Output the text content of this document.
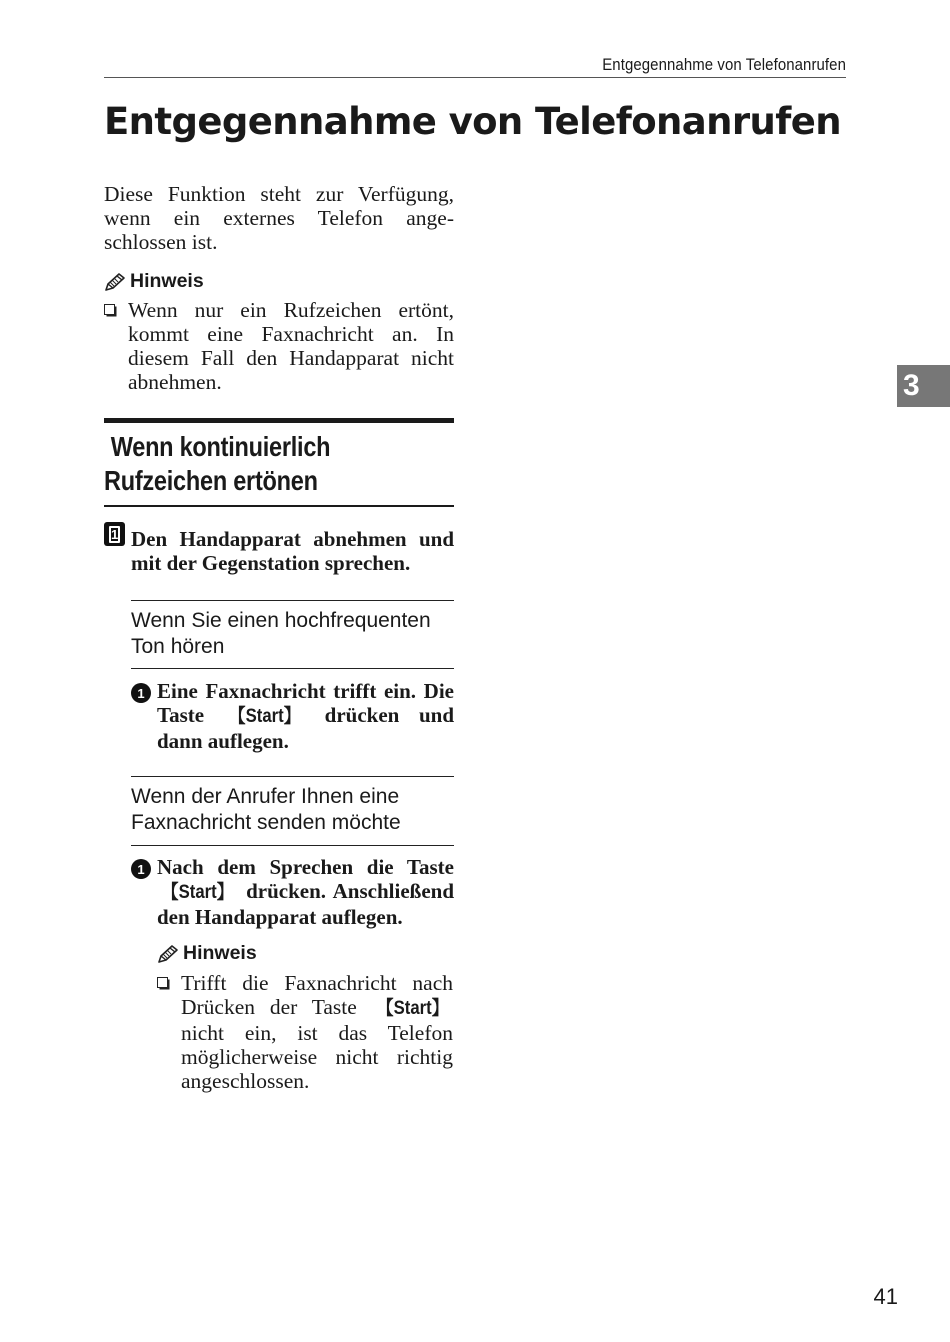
Entgegennahme von Telefonanrufen
Entgegennahme von Telefonanrufen
Diese Funktion steht zur Verfügung, wenn ein externes Telefon angeschlossen ist.
Hinweis
Wenn nur ein Rufzeichen ertönt, kommt eine Faxnachricht an. In diesem Fall den Handapparat nicht abnehmen.
Wenn kontinuierlich
Rufzeichen ertönen
1 Den Handapparat abnehmen und mit der Gegenstation sprechen.
Wenn Sie einen hochfrequenten Ton hören
1 Eine Faxnachricht trifft ein. Die Taste 【Start】 drücken und dann auflegen.
Wenn der Anrufer Ihnen eine Faxnachricht senden möchte
1 Nach dem Sprechen die Taste 【Start】 drücken. Anschließend den Handapparat auflegen.
Hinweis
Trifft die Faxnachricht nach Drücken der Taste 【Start】 nicht ein, ist das Telefon möglicherweise nicht richtig angeschlossen.
3
41
